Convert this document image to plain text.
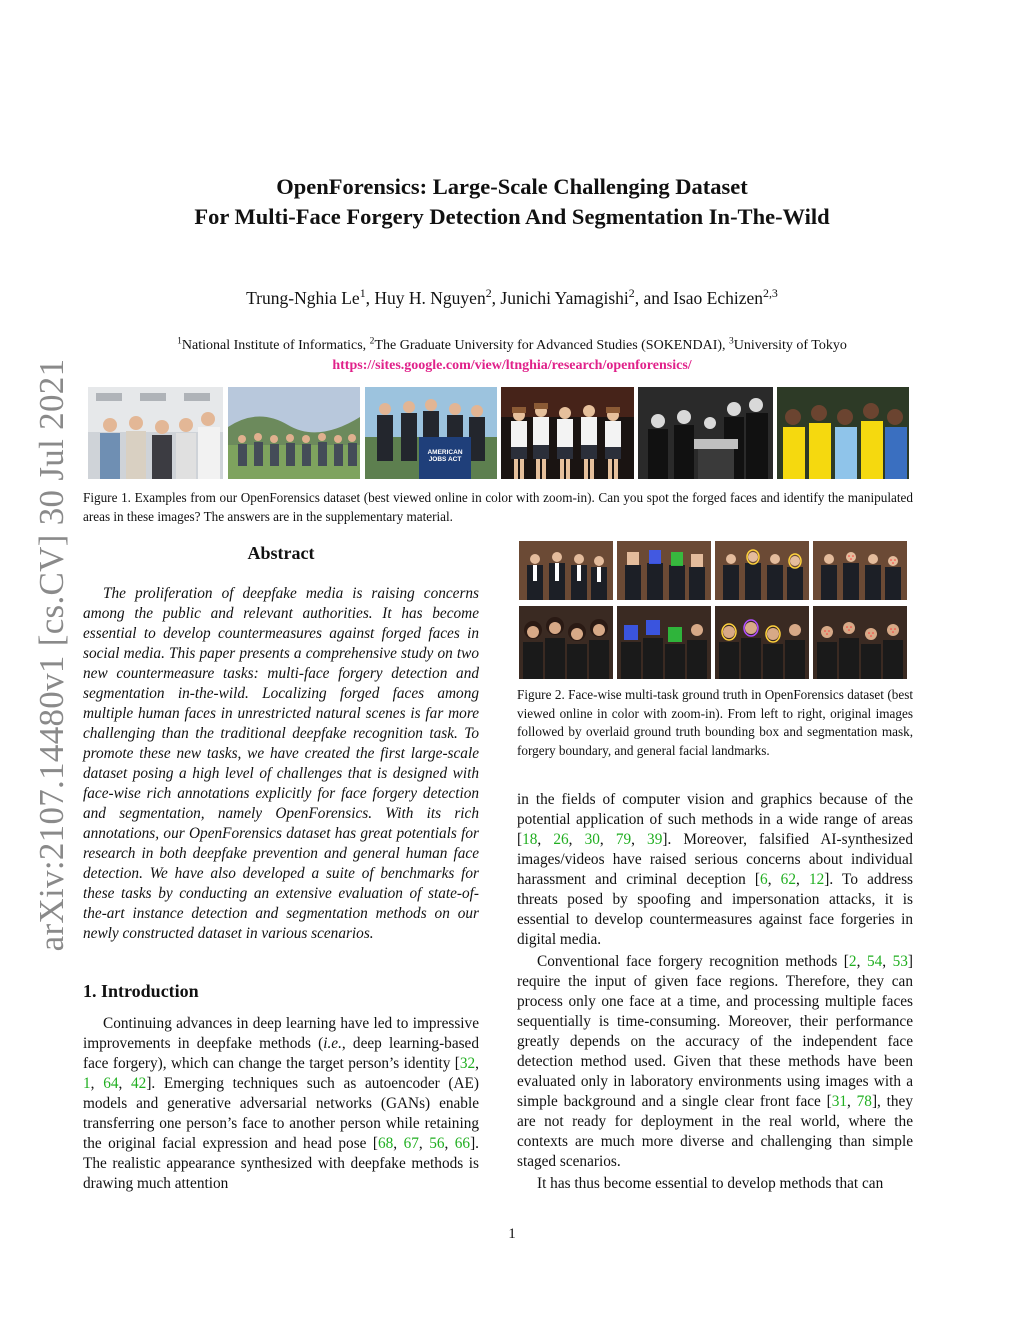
arXiv:2107.14480v1 [cs.CV] 30 Jul 2021
OpenForensics: Large-Scale Challenging Dataset
For Multi-Face Forgery Detection And Segmentation In-The-Wild
Trung-Nghia Le$^1$, Huy H. Nguyen$^2$, Junichi Yamagishi$^2$, and Isao Echizen$^{2,3}$
$^1$National Institute of Informatics, $^2$The Graduate University for Advanced Studies (SOKENDAI), $^3$University of Tokyo
https://sites.google.com/view/ltnghia/research/openforensics/
AMERICAN JOBS ACT
Figure 1. Examples from our OpenForensics dataset (best viewed online in color with zoom-in). Can you spot the forged faces and identify the manipulated areas in these images? The answers are in the supplementary material.
Abstract

The proliferation of deepfake media is raising concerns among the public and relevant authorities. It has become essential to develop countermeasures against forged faces in social media. This paper presents a comprehensive study on two new countermeasure tasks: multi-face forgery detection and segmentation in-the-wild. Localizing forged faces among multiple human faces in unrestricted natural scenes is far more challenging than the traditional deepfake recognition task. To promote these new tasks, we have created the first large-scale dataset posing a high level of challenges that is designed with face-wise rich annotations explicitly for face forgery detection and segmentation, namely OpenForensics. With its rich annotations, our OpenForensics dataset has great potentials for research in both deepfake prevention and general human face detection. We have also developed a suite of benchmarks for these tasks by conducting an extensive evaluation of state-of-the-art instance detection and segmentation methods on our newly constructed dataset in various scenarios.

1. Introduction

Continuing advances in deep learning have led to impressive improvements in deepfake methods (i.e., deep learning-based face forgery), which can change the target person’s identity [32, 1, 64, 42]. Emerging techniques such as autoencoder (AE) models and generative adversarial networks (GANs) enable transferring one person’s face to another person while retaining the original facial expression and head pose [68, 67, 56, 66]. The realistic appearance synthesized with deepfake methods is drawing much attention

Figure 2. Face-wise multi-task ground truth in OpenForensics dataset (best viewed online in color with zoom-in). From left to right, original images followed by overlaid ground truth bounding box and segmentation mask, forgery boundary, and general facial landmarks.

in the fields of computer vision and graphics because of the potential application of such methods in a wide range of areas [18, 26, 30, 79, 39]. Moreover, falsified AI-synthesized images/videos have raised serious concerns about individual harassment and criminal deception [6, 62, 12]. To address threats posed by spoofing and impersonation attacks, it is essential to develop countermeasures against face forgeries in digital media.

Conventional face forgery recognition methods [2, 54, 53] require the input of given face regions. Therefore, they can process only one face at a time, and processing multiple faces sequentially is time-consuming. Moreover, their performance greatly depends on the accuracy of the independent face detection method used. Given that these methods have been evaluated only in laboratory environments using images with a simple background and a single clear front face [31, 78], they are not ready for deployment in the real world, where the contexts are much more diverse and challenging than simple staged scenarios.

It has thus become essential to develop methods that can

1
